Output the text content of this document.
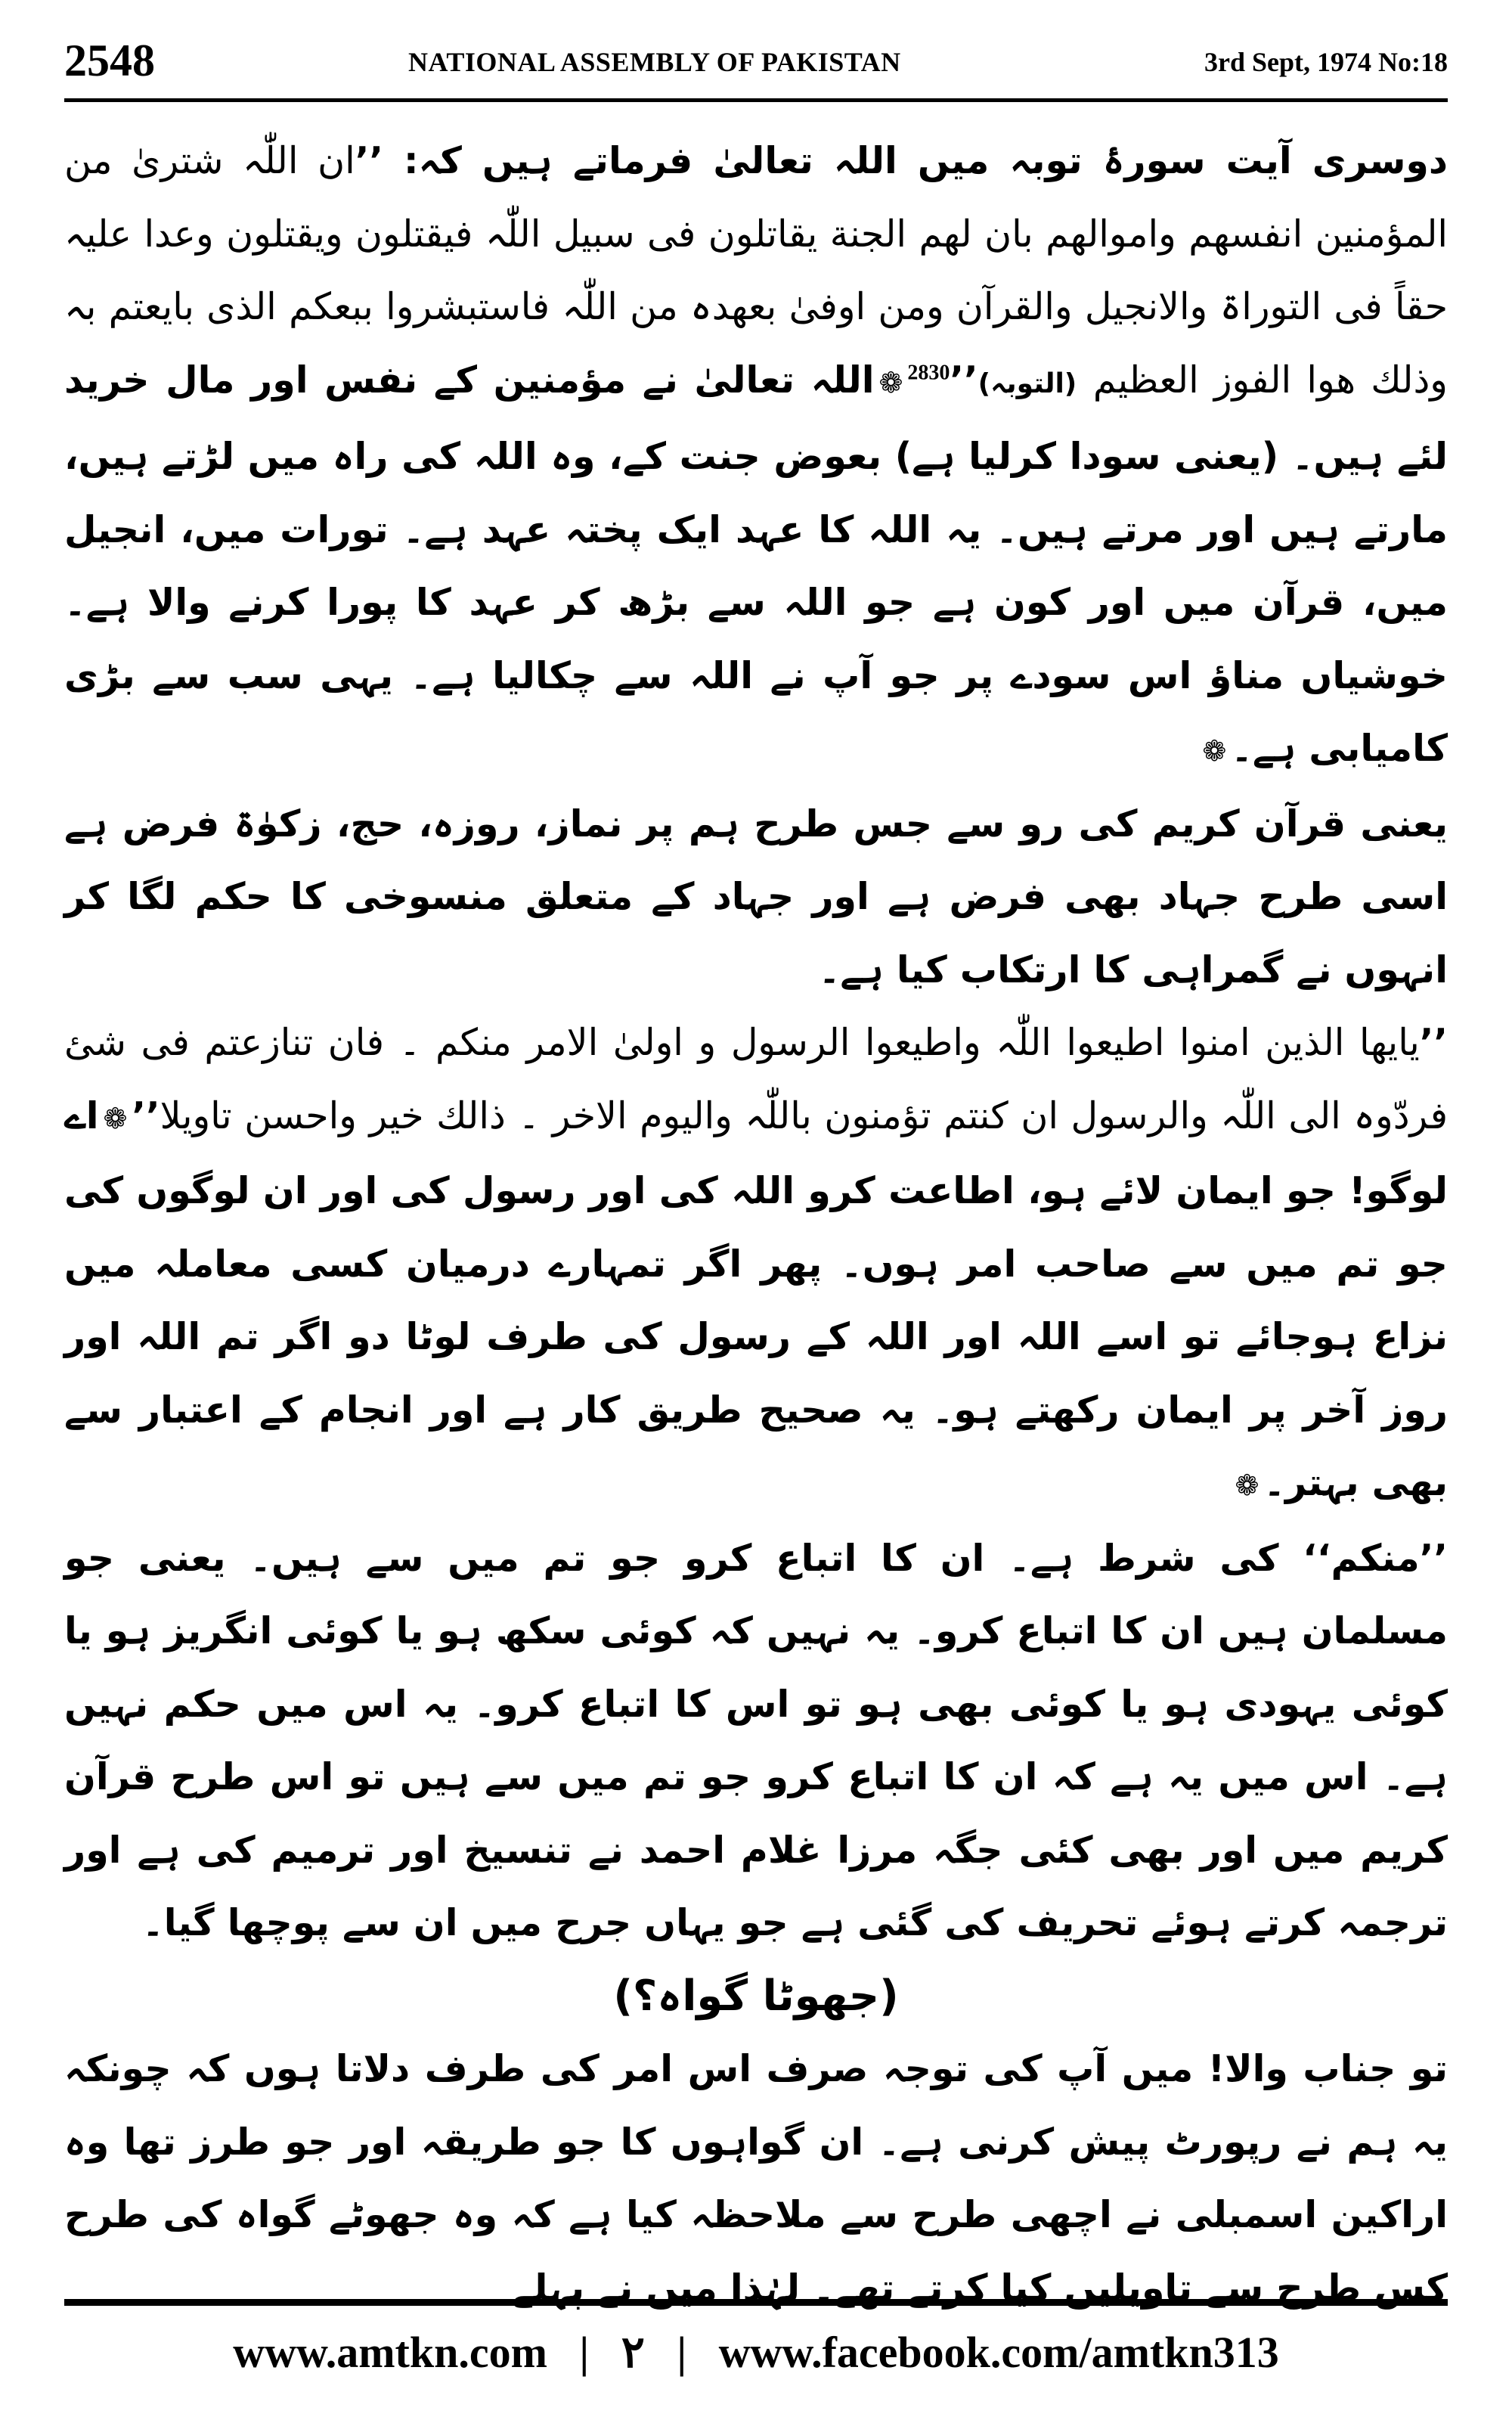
2548	NATIONAL ASSEMBLY OF PAKISTAN	3rd Sept, 1974 No:18

دوسری آیت سورۂ توبہ میں اللہ تعالیٰ فرماتے ہیں کہ: ’’ان اللّٰہ شتریٰ من المؤمنین انفسھم واموالھم بان لھم الجنة یقاتلون فی سبیل اللّٰہ فیقتلون ویقتلون وعدا علیہ حقاً فی التوراۃ والانجیل والقرآن ومن اوفیٰ بعھدہ من اللّٰہ فاستبشروا ببعکم الذی بایعتم بہ وذلك ھوا الفوز العظیم (التوبہ)’’$^{2830}$❁اللہ تعالیٰ نے مؤمنین کے نفس اور مال خرید لئے ہیں۔ (یعنی سودا کرلیا ہے) بعوض جنت کے، وہ اللہ کی راہ میں لڑتے ہیں، مارتے ہیں اور مرتے ہیں۔ یہ اللہ کا عہد ایک پختہ عہد ہے۔ تورات میں، انجیل میں، قرآن میں اور کون ہے جو اللہ سے بڑھ کر عہد کا پورا کرنے والا ہے۔ خوشیاں مناؤ اس سودے پر جو آپ نے اللہ سے چکالیا ہے۔ یہی سب سے بڑی کامیابی ہے۔❁

یعنی قرآن کریم کی رو سے جس طرح ہم پر نماز، روزہ، حج، زکوٰۃ فرض ہے اسی طرح جہاد بھی فرض ہے اور جہاد کے متعلق منسوخی کا حکم لگا کر انہوں نے گمراہی کا ارتکاب کیا ہے۔

’’یایھا الذین امنوا اطیعوا اللّٰہ واطیعوا الرسول و اولیٰ الامر منکم ۔ فان تنازعتم فی شئ فردّوہ الی اللّٰہ والرسول ان کنتم تؤمنون باللّٰہ والیوم الاخر ۔ ذالك خیر واحسن تاویلا’’❁اے لوگو! جو ایمان لائے ہو، اطاعت کرو اللہ کی اور رسول کی اور ان لوگوں کی جو تم میں سے صاحب امر ہوں۔ پھر اگر تمہارے درمیان کسی معاملہ میں نزاع ہوجائے تو اسے اللہ اور اللہ کے رسول کی طرف لوٹا دو اگر تم اللہ اور روز آخر پر ایمان رکھتے ہو۔ یہ صحیح طریق کار ہے اور انجام کے اعتبار سے بھی بہتر۔❁

’’منکم‘‘ کی شرط ہے۔ ان کا اتباع کرو جو تم میں سے ہیں۔ یعنی جو مسلمان ہیں ان کا اتباع کرو۔ یہ نہیں کہ کوئی سکھ ہو یا کوئی انگریز ہو یا کوئی یہودی ہو یا کوئی بھی ہو تو اس کا اتباع کرو۔ یہ اس میں حکم نہیں ہے۔ اس میں یہ ہے کہ ان کا اتباع کرو جو تم میں سے ہیں تو اس طرح قرآن کریم میں اور بھی کئی جگہ مرزا غلام احمد نے تنسیخ اور ترمیم کی ہے اور ترجمہ کرتے ہوئے تحریف کی گئی ہے جو یہاں جرح میں ان سے پوچھا گیا۔

(جھوٹا گواہ؟)

تو جناب والا! میں آپ کی توجہ صرف اس امر کی طرف دلاتا ہوں کہ چونکہ یہ ہم نے رپورٹ پیش کرنی ہے۔ ان گواہوں کا جو طریقہ اور جو طرز تھا وہ اراکین اسمبلی نے اچھی طرح سے ملاحظہ کیا ہے کہ وہ جھوٹے گواہ کی طرح کس طرح سے تاویلیں کیا کرتے تھے۔ لہٰذا میں نے پہلے

www.amtkn.com | ۲ | www.facebook.com/amtkn313
